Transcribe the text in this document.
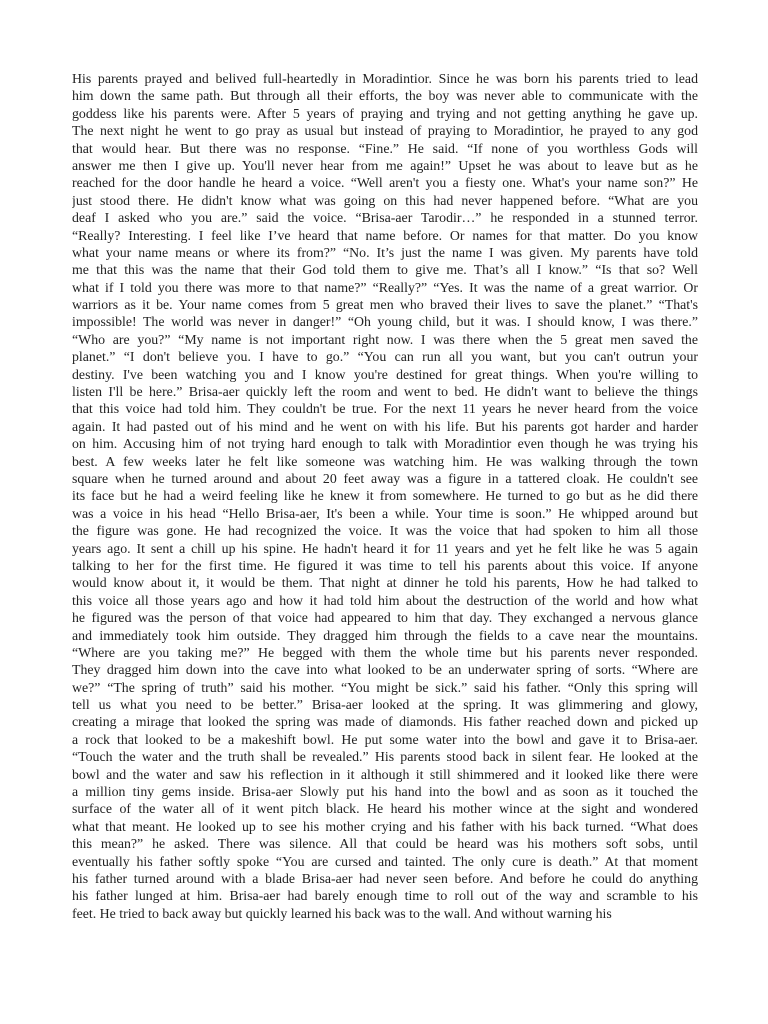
His parents prayed and belived full-heartedly in Moradintior. Since he was born his parents tried to lead
him down the same path. But through all their efforts, the boy was never able to communicate with the
goddess like his parents were. After 5 years of praying and trying and not getting anything he gave up.
The next night he went to go pray as usual but instead of praying to Moradintior, he prayed to any god
that would hear. But there was no response. “Fine.” He said. “If none of you worthless Gods will
answer me then I give up. You'll never hear from me again!” Upset he was about to leave but as he
reached for the door handle he heard a voice. “Well aren't you a fiesty one. What's your name son?” He
just stood there. He didn't know what was going on this had never happened before. “What are you
deaf I asked who you are.” said the voice. “Brisa-aer Tarodir…” he responded in a stunned terror.
“Really? Interesting. I feel like I’ve heard that name before. Or names for that matter. Do you know
what your name means or where its from?” “No. It’s just the name I was given. My parents have told
me that this was the name that their God told them to give me. That’s all I know.” “Is that so? Well
what if I told you there was more to that name?” “Really?” “Yes. It was the name of a great warrior. Or
warriors as it be. Your name comes from 5 great men who braved their lives to save the planet.” “That's
impossible! The world was never in danger!” “Oh young child, but it was. I should know, I was there.”
“Who are you?” “My name is not important right now. I was there when the 5 great men saved the
planet.” “I don't believe you. I have to go.” “You can run all you want, but you can't outrun your
destiny. I've been watching you and I know you're destined for great things. When you're willing to
listen I'll be here.” Brisa-aer quickly left the room and went to bed. He didn't want to believe the things
that this voice had told him. They couldn't be true. For the next 11 years he never heard from the voice
again. It had pasted out of his mind and he went on with his life. But his parents got harder and harder
on him. Accusing him of not trying hard enough to talk with Moradintior even though he was trying his
best. A few weeks later he felt like someone was watching him. He was walking through the town
square when he turned around and about 20 feet away was a figure in a tattered cloak. He couldn't see
its face but he had a weird feeling like he knew it from somewhere. He turned to go but as he did there
was a voice in his head “Hello Brisa-aer, It's been a while. Your time is soon.” He whipped around but
the figure was gone. He had recognized the voice. It was the voice that had spoken to him all those
years ago. It sent a chill up his spine. He hadn't heard it for 11 years and yet he felt like he was 5 again
talking to her for the first time. He figured it was time to tell his parents about this voice. If anyone
would know about it, it would be them. That night at dinner he told his parents, How he had talked to
this voice all those years ago and how it had told him about the destruction of the world and how what
he figured was the person of that voice had appeared to him that day. They exchanged a nervous glance
and immediately took him outside. They dragged him through the fields to a cave near the mountains.
“Where are you taking me?” He begged with them the whole time but his parents never responded.
They dragged him down into the cave into what looked to be an underwater spring of sorts. “Where are
we?” “The spring of truth” said his mother. “You might be sick.” said his father. “Only this spring will
tell us what you need to be better.” Brisa-aer looked at the spring. It was glimmering and glowy,
creating a mirage that looked the spring was made of diamonds. His father reached down and picked up
a rock that looked to be a makeshift bowl. He put some water into the bowl and gave it to Brisa-aer.
“Touch the water and the truth shall be revealed.” His parents stood back in silent fear. He looked at the
bowl and the water and saw his reflection in it although it still shimmered and it looked like there were
a million tiny gems inside. Brisa-aer Slowly put his hand into the bowl and as soon as it touched the
surface of the water all of it went pitch black. He heard his mother wince at the sight and wondered
what that meant. He looked up to see his mother crying and his father with his back turned. “What does
this mean?” he asked. There was silence. All that could be heard was his mothers soft sobs, until
eventually his father softly spoke “You are cursed and tainted. The only cure is death.” At that moment
his father turned around with a blade Brisa-aer had never seen before. And before he could do anything
his father lunged at him. Brisa-aer had barely enough time to roll out of the way and scramble to his
feet. He tried to back away but quickly learned his back was to the wall. And without warning his
